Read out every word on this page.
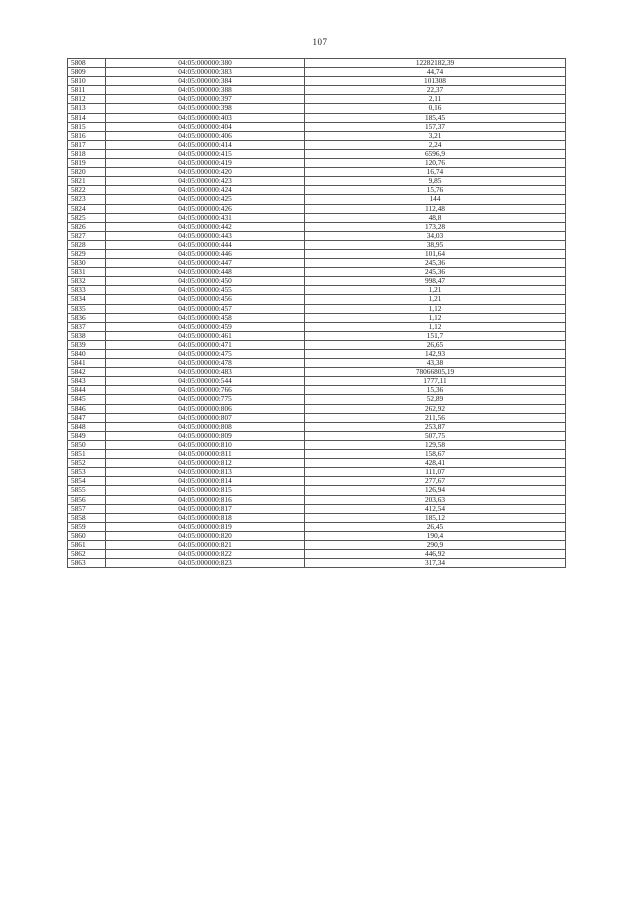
107
5808	04:05:000000:380	12282182,39
5809	04:05:000000:383	44,74
5810	04:05:000000:384	101308
5811	04:05:000000:388	22,37
5812	04:05:000000:397	2,11
5813	04:05:000000:398	0,16
5814	04:05:000000:403	185,45
5815	04:05:000000:404	157,37
5816	04:05:000000:406	3,21
5817	04:05:000000:414	2,24
5818	04:05:000000:415	6596,9
5819	04:05:000000:419	120,76
5820	04:05:000000:420	16,74
5821	04:05:000000:423	9,85
5822	04:05:000000:424	15,76
5823	04:05:000000:425	144
5824	04:05:000000:426	112,48
5825	04:05:000000:431	48,8
5826	04:05:000000:442	173,28
5827	04:05:000000:443	34,03
5828	04:05:000000:444	38,95
5829	04:05:000000:446	101,64
5830	04:05:000000:447	245,36
5831	04:05:000000:448	245,36
5832	04:05:000000:450	998,47
5833	04:05:000000:455	1,21
5834	04:05:000000:456	1,21
5835	04:05:000000:457	1,12
5836	04:05:000000:458	1,12
5837	04:05:000000:459	1,12
5838	04:05:000000:461	151,7
5839	04:05:000000:471	26,65
5840	04:05:000000:475	142,93
5841	04:05:000000:478	43,38
5842	04:05:000000:483	78066805,19
5843	04:05:000000:544	1777,11
5844	04:05:000000:766	15,36
5845	04:05:000000:775	52,89
5846	04:05:000000:806	262,92
5847	04:05:000000:807	211,56
5848	04:05:000000:808	253,87
5849	04:05:000000:809	507,75
5850	04:05:000000:810	129,58
5851	04:05:000000:811	158,67
5852	04:05:000000:812	428,41
5853	04:05:000000:813	111,07
5854	04:05:000000:814	277,67
5855	04:05:000000:815	126,94
5856	04:05:000000:816	203,63
5857	04:05:000000:817	412,54
5858	04:05:000000:818	185,12
5859	04:05:000000:819	26,45
5860	04:05:000000:820	190,4
5861	04:05:000000:821	290,9
5862	04:05:000000:822	446,92
5863	04:05:000000:823	317,34
